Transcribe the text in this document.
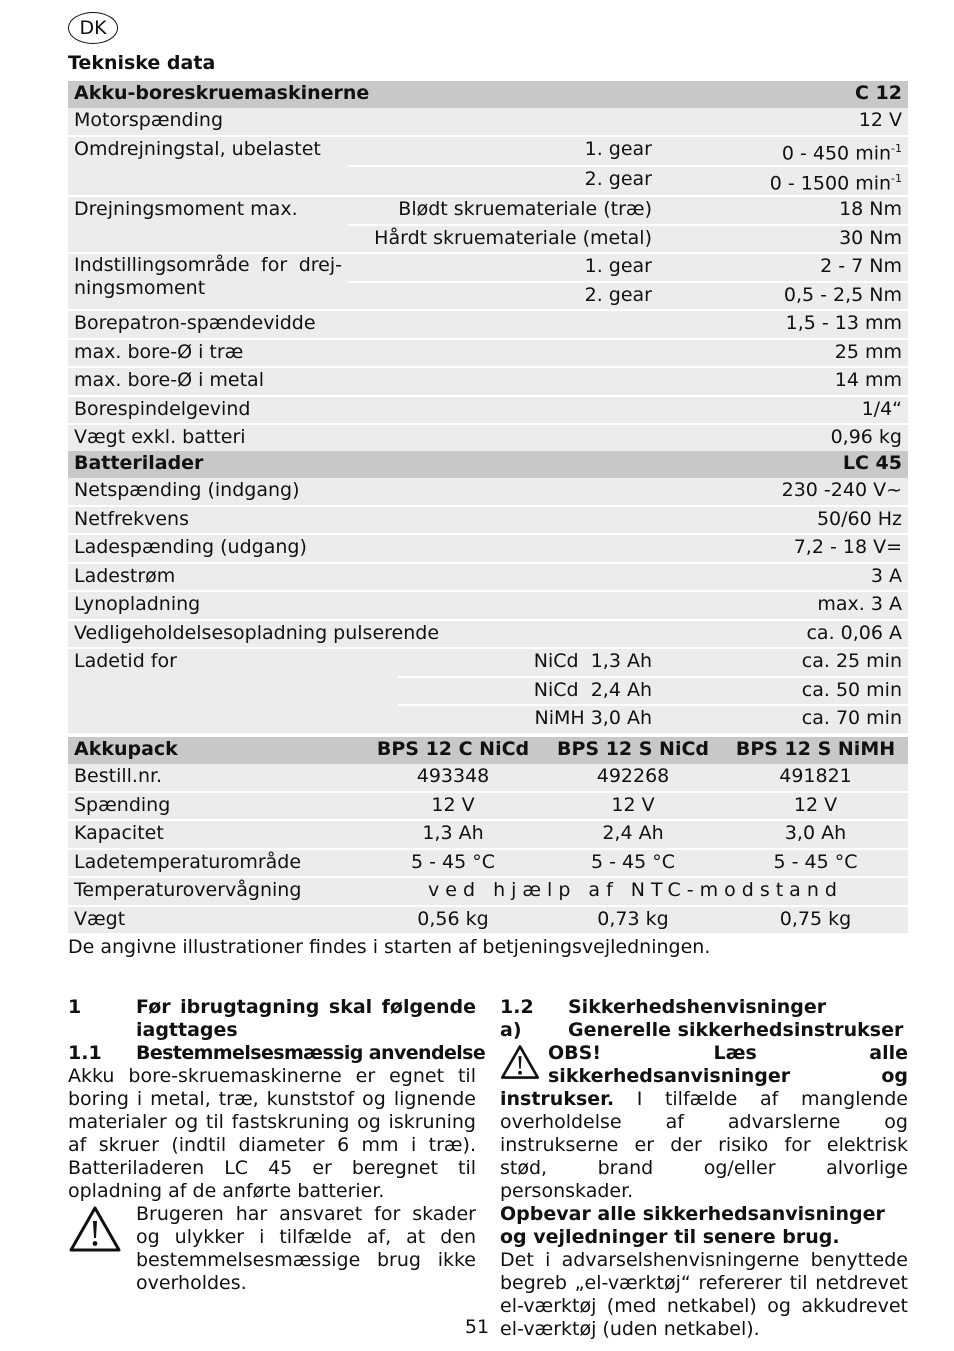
DK
Tekniske data
Akku-boreskruemaskinerne		C 12
Motorspænding		12 V
Omdrejningstal, ubelastet	1. gear	0 - 450 $\min^{-1}$
	2. gear	0 - 1500 $\min^{-1}$
Drejningsmoment max.	Blødt skruemateriale (træ)	18 Nm
	Hårdt skruemateriale (metal)	30 Nm
Indstillingsområde for drej-ningsmoment	1. gear	2 - 7 Nm
	2. gear	0,5 - 2,5 Nm
Borepatron-spændevidde		1,5 - 13 mm
max. bore-Ø i træ		25 mm
max. bore-Ø i metal		14 mm
Borespindelgevind		1/4“
Vægt exkl. batteri		0,96 kg
Batterilader		LC 45
Netspænding (indgang)		230 -240 V~
Netfrekvens		50/60 Hz
Ladespænding (udgang)		7,2 - 18 V=
Ladestrøm		3 A
Lynopladning		max. 3 A
Vedligeholdelsesopladning pulserende		ca. 0,06 A
Ladetid for	NiCd  1,3 Ah	ca. 25 min
	NiCd  2,4 Ah	ca. 50 min
	NiMH 3,0 Ah	ca. 70 min
Akkupack	BPS 12 C NiCd	BPS 12 S NiCd	BPS 12 S NiMH
Bestill.nr.	493348	492268	491821
Spænding	12 V	12 V	12 V
Kapacitet	1,3 Ah	2,4 Ah	3,0 Ah
Ladetemperaturområde	5 - 45 °C	5 - 45 °C	5 - 45 °C
Temperaturovervågning	ved hjælp af NTC-modstand		
Vægt	0,56 kg	0,73 kg	0,75 kg
De angivne illustrationer findes i starten af betjeningsvejledningen.
1	Før ibrugtagning skal følgende iagttages
1.1	Bestemmelsesmæssig anvendelse

Akku bore-skruemaskinerne er egnet til boring i metal, træ, kunststof og lignende materialer og til fastskruning og iskruning af skruer (indtil diameter 6 mm i træ). Batteriladeren LC 45 er beregnet til opladning af de anførte batterier.

Brugeren har ansvaret for skader og ulykker i tilfælde af, at den bestemmelsesmæssige brug ikke overholdes.

1.2	Sikkerhedshenvisninger
a)	Generelle sikkerhedsinstrukser

OBS! Læs alle sikkerhedsanvisninger og instrukser. I tilfælde af manglende overholdelse af advarslerne og instrukserne er der risiko for elektrisk stød, brand og/eller alvorlige personskader.

Opbevar alle sikkerhedsanvisninger og vejledninger til senere brug.

Det i advarselshenvisningerne benyttede begreb „el-værktøj“ refererer til netdrevet el-værktøj (med netkabel) og akkudrevet el-værktøj (uden netkabel).

51
